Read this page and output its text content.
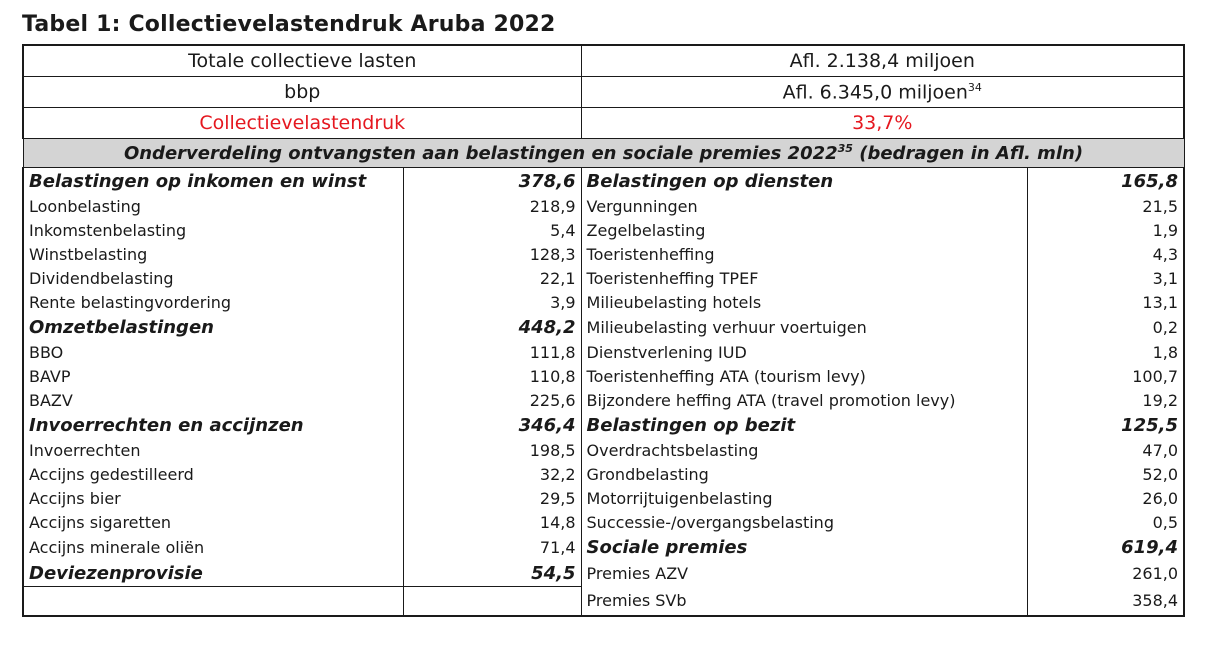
Tabel 1: Collectievelastendruk Aruba 2022
Totale collectieve lasten		Afl. 2.138,4 miljoen	
bbp		Afl. 6.345,0 miljoen$^{34}$
Collectievelastendruk		33,7%	
Onderverdeling ontvangsten aan belastingen en sociale premies 2022$^{35}$ (bedragen in Afl. mln)			
Belastingen op inkomen en winst	378,6	Belastingen op diensten	165,8
Loonbelasting	218,9	Vergunningen	21,5
Inkomstenbelasting	5,4	Zegelbelasting	1,9
Winstbelasting	128,3	Toeristenheffing	4,3
Dividendbelasting	22,1	Toeristenheffing TPEF	3,1
Rente belastingvordering	3,9	Milieubelasting hotels	13,1
Omzetbelastingen	448,2	Milieubelasting verhuur voertuigen	0,2
BBO	111,8	Dienstverlening IUD	1,8
BAVP	110,8	Toeristenheffing ATA (tourism levy)	100,7
BAZV	225,6	Bijzondere heffing ATA (travel promotion levy)	19,2
Invoerrechten en accijnzen	346,4	Belastingen op bezit	125,5
Invoerrechten	198,5	Overdrachtsbelasting	47,0
Accijns gedestilleerd	32,2	Grondbelasting	52,0
Accijns bier	29,5	Motorrijtuigenbelasting	26,0
Accijns sigaretten	14,8	Successie-/overgangsbelasting	0,5
Accijns minerale oliën	71,4	Sociale premies	619,4
Deviezenprovisie	54,5	Premies AZV	261,0
		Premies SVb	358,4
